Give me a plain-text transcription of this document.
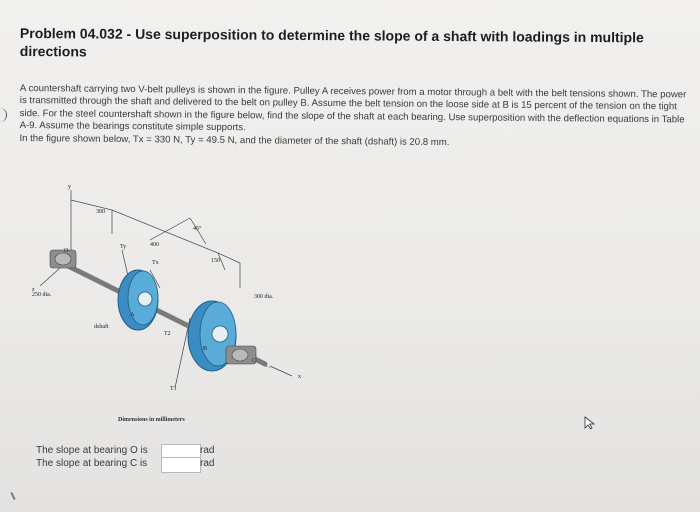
Problem 04.032 - Use superposition to determine the slope of a shaft with loadings in multiple directions

A countershaft carrying two V-belt pulleys is shown in the figure. Pulley A receives power from a motor through a belt with the belt tensions shown. The power is transmitted through the shaft and delivered to the belt on pulley B. Assume the belt tension on the loose side at B is 15 percent of the tension on the tight side. For the steel countershaft shown in the figure below, find the slope of the shaft at each bearing. Use superposition with the deflection equations in Table A-9. Assume the bearings constitute simple supports.

In the figure shown below, Tx = 330 N, Ty = 49.5 N, and the diameter of the shaft (dshaft) is 20.8 mm.

y
z
x
300
400
150
45°
O
A
B
C
Ty
Tx
T2
T1
250 dia.	300 dia.
dshaft
Dimensions in millimeters
The slope at bearing O is	rad
The slope at bearing C is	rad
